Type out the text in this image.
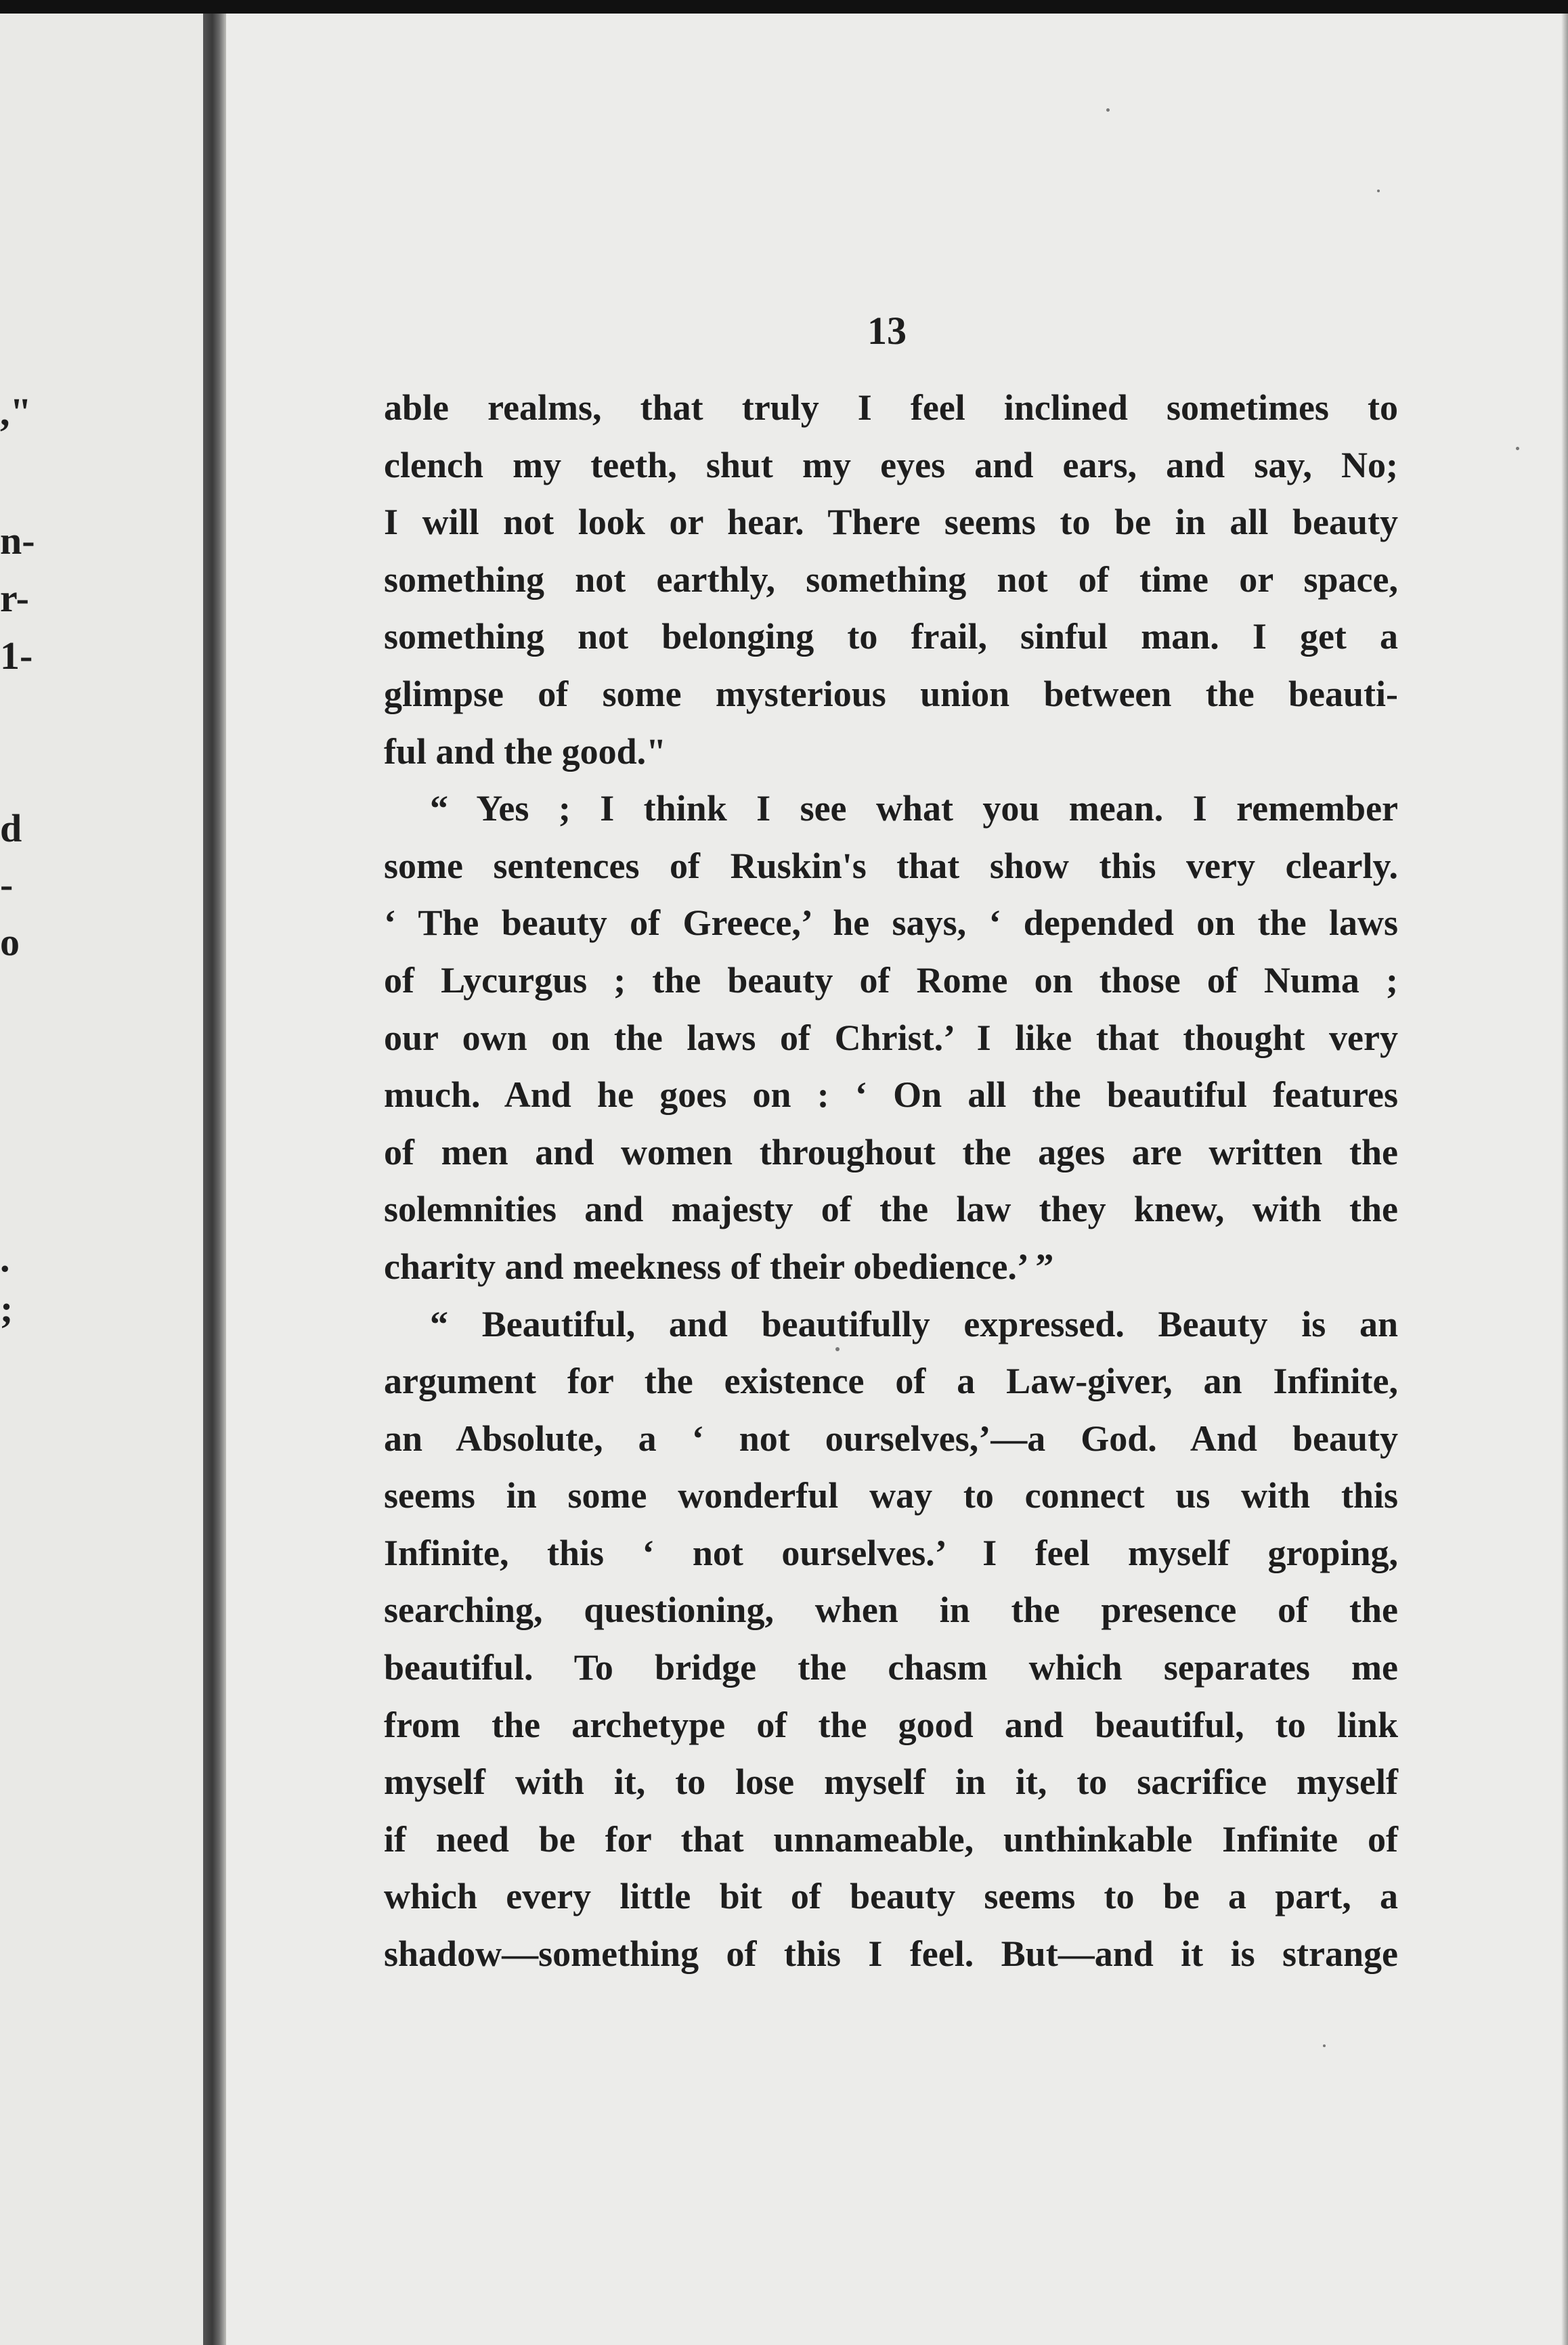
,"
n-
r-
1-
d
-
o
.
;
13
able realms, that truly I feel inclined sometimes to
clench my teeth, shut my eyes and ears, and say, No;
I will not look or hear. There seems to be in all beauty
something not earthly, something not of time or space,
something not belonging to frail, sinful man. I get a
glimpse of some mysterious union between the beauti-
ful and the good."
“ Yes ; I think I see what you mean. I remember
some sentences of Ruskin's that show this very clearly.
‘ The beauty of Greece,’ he says, ‘ depended on the laws
of Lycurgus ; the beauty of Rome on those of Numa ;
our own on the laws of Christ.’ I like that thought very
much. And he goes on : ‘ On all the beautiful features
of men and women throughout the ages are written the
solemnities and majesty of the law they knew, with the
charity and meekness of their obedience.’ ”
“ Beautiful, and beautifully expressed. Beauty is an
argument for the existence of a Law-giver, an Infinite,
an Absolute, a ‘ not ourselves,’—a God. And beauty
seems in some wonderful way to connect us with this
Infinite, this ‘ not ourselves.’ I feel myself groping,
searching, questioning, when in the presence of the
beautiful. To bridge the chasm which separates me
from the archetype of the good and beautiful, to link
myself with it, to lose myself in it, to sacrifice myself
if need be for that unnameable, unthinkable Infinite of
which every little bit of beauty seems to be a part, a
shadow—something of this I feel. But—and it is strange
